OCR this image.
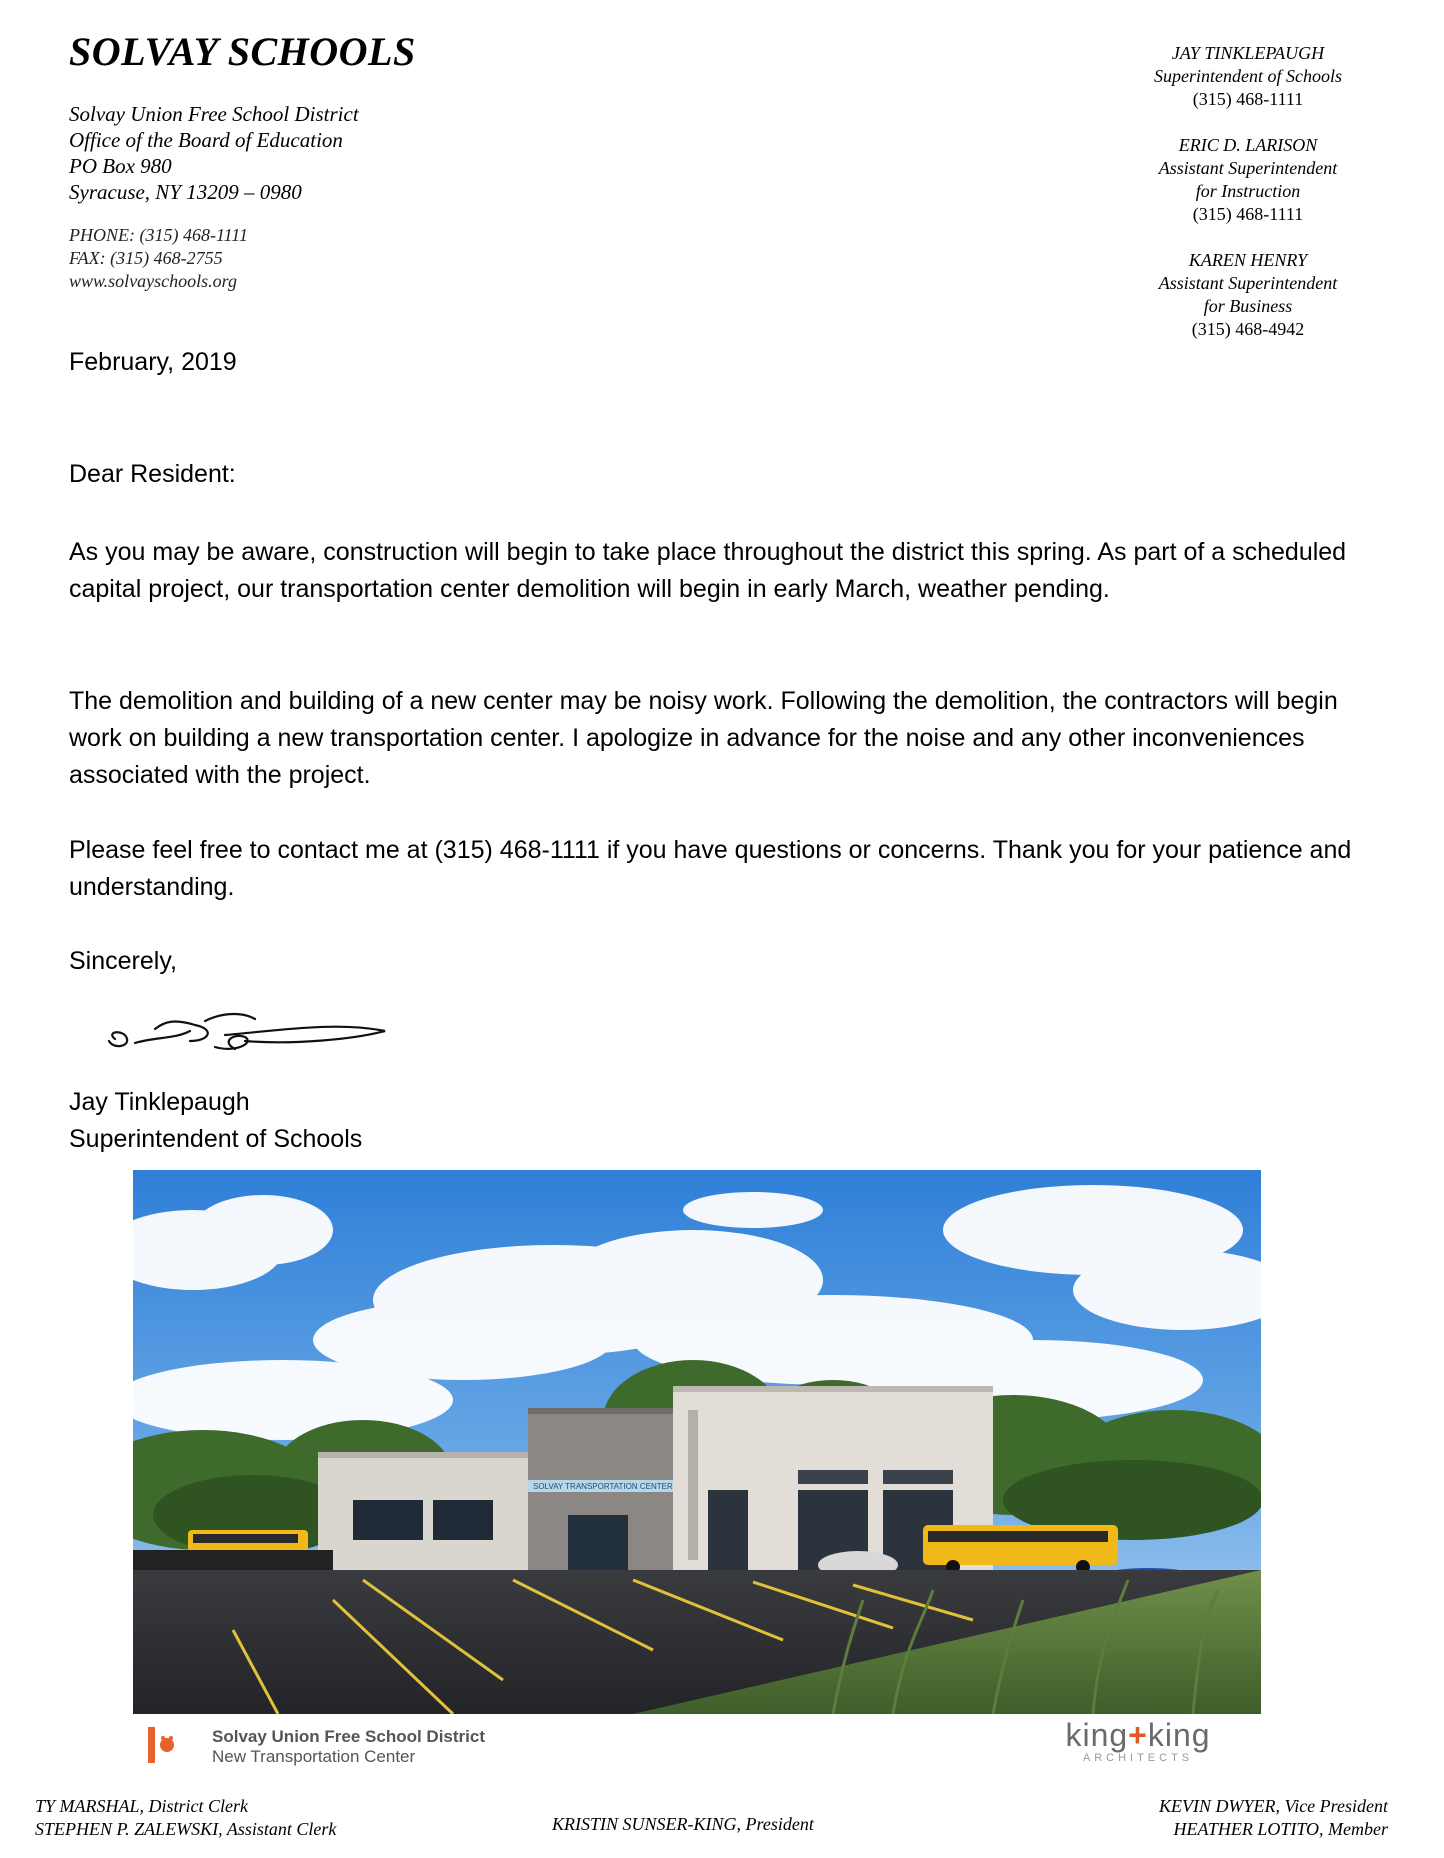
SOLVAY SCHOOLS
Solvay Union Free School District
Office of the Board of Education
PO Box 980
Syracuse, NY 13209 – 0980
PHONE: (315) 468-1111
FAX: (315) 468-2755
www.solvayschools.org
JAY TINKLEPAUGH
Superintendent of Schools
(315) 468-1111
ERIC D. LARISON
Assistant Superintendent
for Instruction
(315) 468-1111
KAREN HENRY
Assistant Superintendent
for Business
(315) 468-4942

February, 2019

Dear Resident:

As you may be aware, construction will begin to take place throughout the district this spring. As part of a scheduled capital project, our transportation center demolition will begin in early March, weather pending.

The demolition and building of a new center may be noisy work. Following the demolition, the contractors will begin work on building a new transportation center. I apologize in advance for the noise and any other inconveniences associated with the project.

Please feel free to contact me at (315) 468-1111 if you have questions or concerns. Thank you for your patience and understanding.

Sincerely,

Jay Tinklepaugh

Superintendent of Schools

SOLVAY TRANSPORTATION CENTER
Solvay Union Free School District
New Transportation Center
king+king
ARCHITECTS
TY MARSHAL, District Clerk
STEPHEN P. ZALEWSKI, Assistant Clerk	KRISTIN SUNSER-KING, President
KEVIN DWYER, Vice President
HEATHER LOTITO, Member
